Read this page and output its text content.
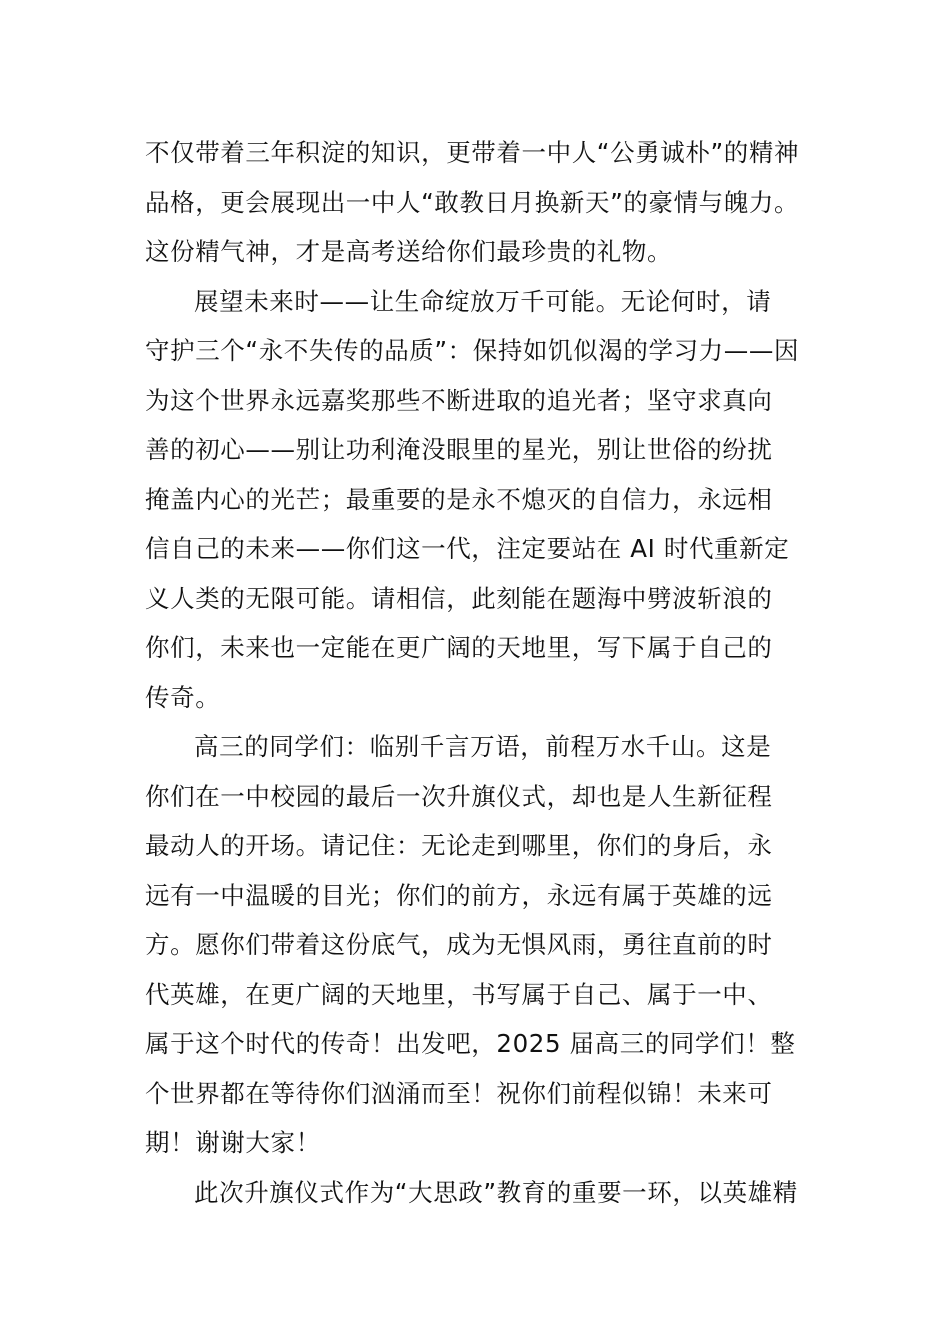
不仅带着三年积淀的知识，更带着一中人“公勇诚朴”的精神
品格，更会展现出一中人“敢教日月换新天”的豪情与魄力。
这份精气神，才是高考送给你们最珍贵的礼物。
展望未来时——让生命绽放万千可能。无论何时，请
守护三个“永不失传的品质”：保持如饥似渴的学习力——因
为这个世界永远嘉奖那些不断进取的追光者；坚守求真向
善的初心——别让功利淹没眼里的星光，别让世俗的纷扰
掩盖内心的光芒；最重要的是永不熄灭的自信力，永远相
信自己的未来——你们这一代，注定要站在 AI 时代重新定
义人类的无限可能。请相信，此刻能在题海中劈波斩浪的
你们，未来也一定能在更广阔的天地里，写下属于自己的
传奇。
高三的同学们：临别千言万语，前程万水千山。这是
你们在一中校园的最后一次升旗仪式，却也是人生新征程
最动人的开场。请记住：无论走到哪里，你们的身后，永
远有一中温暖的目光；你们的前方，永远有属于英雄的远
方。愿你们带着这份底气，成为无惧风雨，勇往直前的时
代英雄，在更广阔的天地里，书写属于自己、属于一中、
属于这个时代的传奇！出发吧，2025 届高三的同学们！整
个世界都在等待你们汹涌而至！祝你们前程似锦！未来可
期！谢谢大家！
此次升旗仪式作为“大思政”教育的重要一环，以英雄精
